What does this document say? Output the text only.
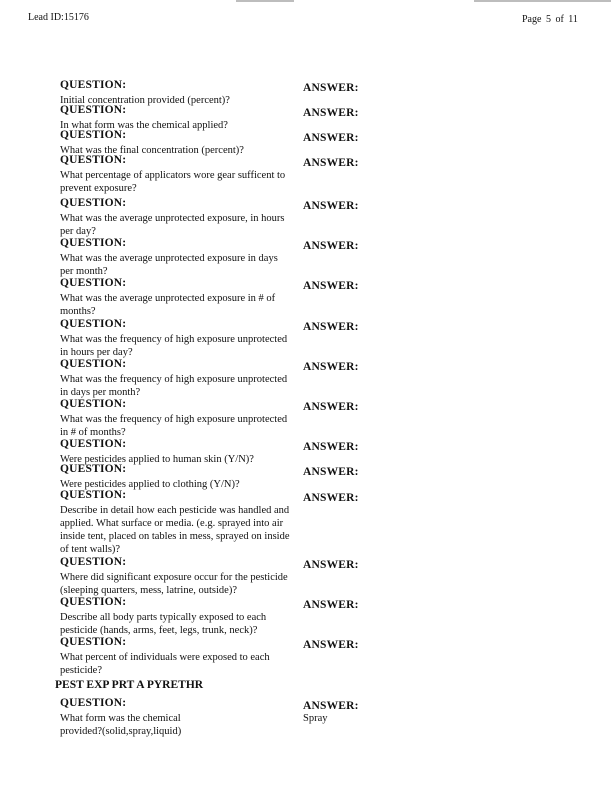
Lead ID:15176	Page 5 of 11
QUESTION:	ANSWER:
Initial concentration provided (percent)?
QUESTION:	ANSWER:
In what form was the chemical applied?
QUESTION:	ANSWER:
What was the final concentration (percent)?
QUESTION:	ANSWER:
What percentage of applicators wore gear sufficent to prevent exposure?
QUESTION:	ANSWER:
What was the average unprotected exposure, in hours per day?
QUESTION:	ANSWER:
What was the average unprotected exposure in days per month?
QUESTION:	ANSWER:
What was the average unprotected exposure in # of months?
QUESTION:	ANSWER:
What was the frequency of high exposure unprotected in hours per day?
QUESTION:	ANSWER:
What was the frequency of high exposure unprotected in days per month?
QUESTION:	ANSWER:
What was the frequency of high exposure unprotected in # of months?
QUESTION:	ANSWER:
Were pesticides applied to human skin (Y/N)?
QUESTION:	ANSWER:
Were pesticides applied to clothing (Y/N)?
QUESTION:	ANSWER:
Describe in detail how each pesticide was handled and applied. What surface or media. (e.g. sprayed into air inside tent, placed on tables in mess, sprayed on inside of tent walls)?
QUESTION:	ANSWER:
Where did significant exposure occur for the pesticide (sleeping quarters, mess, latrine, outside)?
QUESTION:	ANSWER:
Describe all body parts typically exposed to each pesticide (hands, arms, feet, legs, trunk, neck)?
QUESTION:	ANSWER:
What percent of individuals were exposed to each pesticide?
PEST EXP PRT A PYRETHR
QUESTION:	ANSWER:
What form was the chemical provided?(solid,spray,liquid)
Spray
